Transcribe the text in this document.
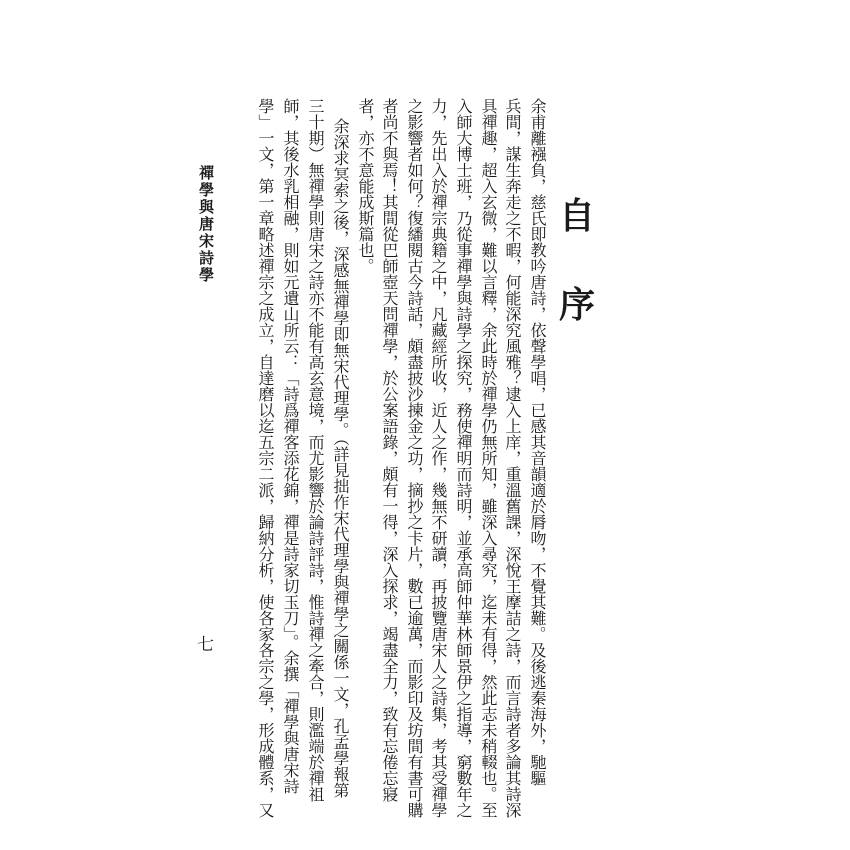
自
序
余甫離襁負，慈氏即教吟唐詩，依聲學唱，已感其音韻適於脣吻，不覺其難。及後逃秦海外，馳驅
兵間，謀生奔走之不暇，何能深究風雅？逮入上庠，重溫舊課，深悅王摩詰之詩，而言詩者多論其詩深
具禪趣，超入玄微，難以言釋，余此時於禪學仍無所知，雖深入尋究，迄未有得，然此志未稍輟也。至
入師大博士班，乃從事禪學與詩學之探究，務使禪明而詩明，並承高師仲華林師景伊之指導，窮數年之
力，先出入於禪宗典籍之中，凡藏經所收，近人之作，幾無不研讀，再披覽唐宋人之詩集，考其受禪學
之影響者如何？復繙閱古今詩話，頗盡披沙揀金之功，摘抄之卡片，數已逾萬，而影印及坊間有書可購
者尚不與焉！其間從巴師壺天問禪學，於公案語錄，頗有一得，深入探求，竭盡全力，致有忘倦忘寢
者，亦不意能成斯篇也。
余深求冥索之後，深感無禪學即無宋代理學。（詳見拙作宋代理學與禪學之關係一文，孔孟學報第
三十期）無禪學則唐宋之詩亦不能有高玄意境，而尤影響於論詩評詩，惟詩禪之牽合，則濫端於禪祖
師，其後水乳相融，則如元遺山所云：「詩爲禪客添花錦，禪是詩家切玉刀」。余撰「禪學與唐宋詩
學」一文，第一章略述禪宗之成立，自達磨以迄五宗二派，歸納分析，使各家各宗之學，形成體系，又
禪學與唐宋詩學
七
